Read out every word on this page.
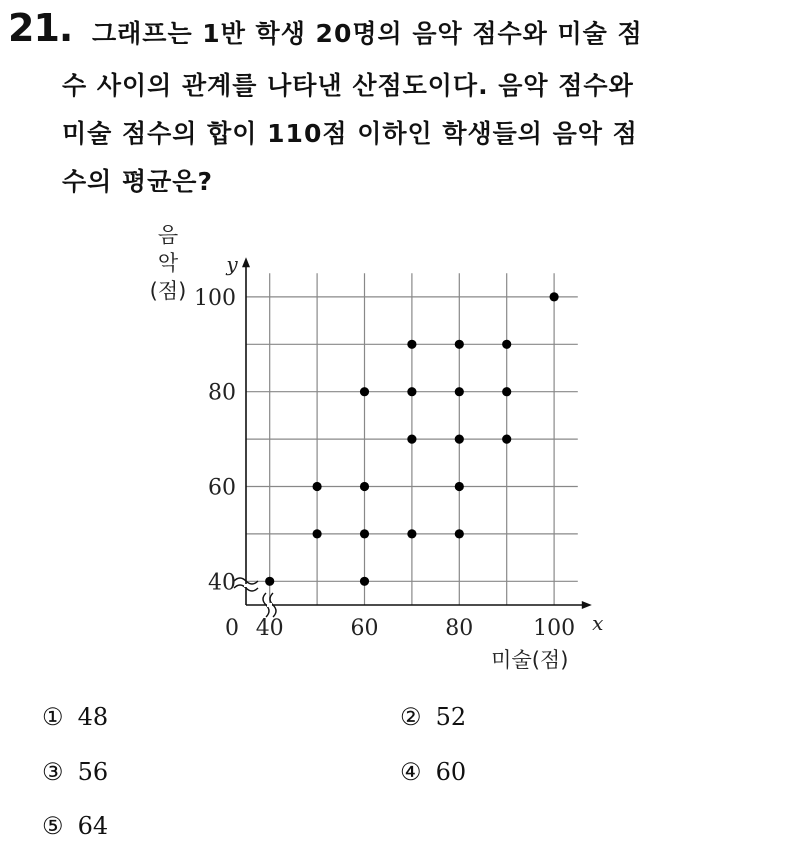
21. 그래프는 1반 학생 20명의 음악 점수와 미술 점
수 사이의 관계를 나타낸 산점도이다. 음악 점수와
미술 점수의 합이 110점 이하인 학생들의 음악 점
수의 평균은?
40	60	80	100
40
60
80
100
0
y
x
미술(점)
음
악
(점)
① 48	② 52
③ 56	④ 60
⑤ 64
